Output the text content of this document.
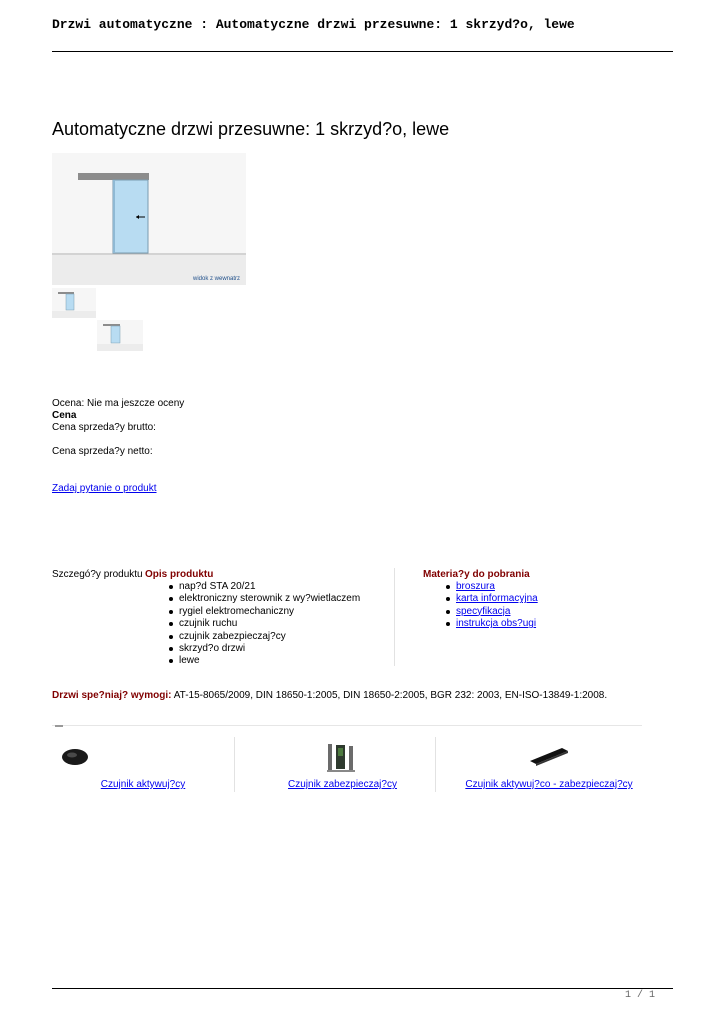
Drzwi automatyczne : Automatyczne drzwi przesuwne: 1 skrzyd?o, lewe
Automatyczne drzwi przesuwne: 1 skrzyd?o, lewe
widok z wewnatrz
Ocena: Nie ma jeszcze oceny
Cena
Cena sprzeda?y brutto:
Cena sprzeda?y netto:
Zadaj pytanie o produkt
Szczegó?y produktu Opis produktu
nap?d STA 20/21
elektroniczny sterownik z wy?wietlaczem
rygiel elektromechaniczny
czujnik ruchu
czujnik zabezpieczaj?cy
skrzyd?o drzwi
lewe
Materia?y do pobrania
broszura
karta informacyjna
specyfikacja
instrukcja obs?ugi
Drzwi spe?niaj? wymogi: AT-15-8065/2009, DIN 18650-1:2005, DIN 18650-2:2005, BGR 232: 2003, EN-ISO-13849-1:2008.
Czujnik aktywuj?cy	Czujnik zabezpieczaj?cy	Czujnik aktywuj?co - zabezpieczaj?cy
1 / 1
